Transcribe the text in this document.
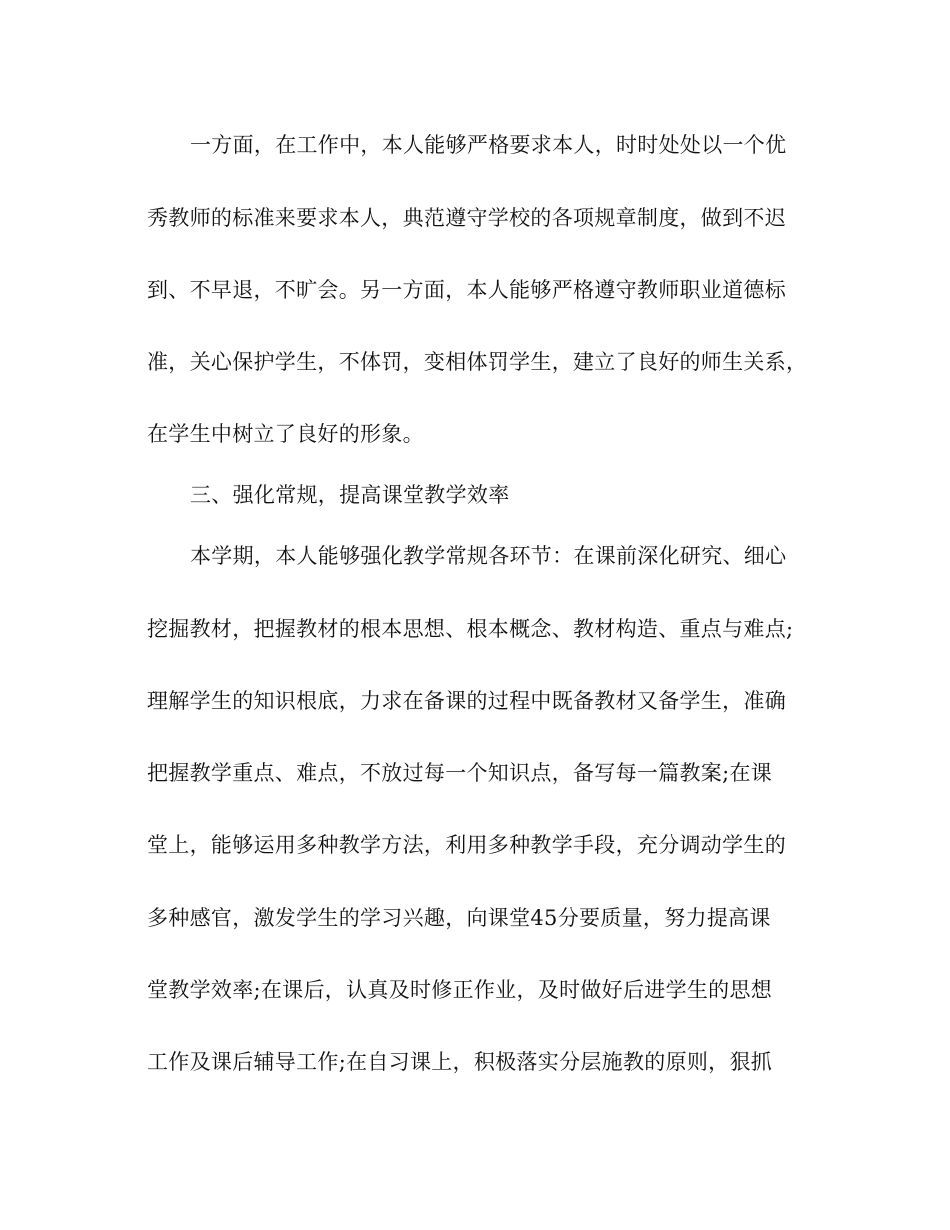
一方面，在工作中，本人能够严格要求本人，时时处处以一个优
秀教师的标准来要求本人，典范遵守学校的各项规章制度，做到不迟
到、不早退，不旷会。另一方面，本人能够严格遵守教师职业道德标
准，关心保护学生，不体罚，变相体罚学生，建立了良好的师生关系，
在学生中树立了良好的形象。
三、强化常规，提高课堂教学效率
本学期，本人能够强化教学常规各环节：在课前深化研究、细心
挖掘教材，把握教材的根本思想、根本概念、教材构造、重点与难点;
理解学生的知识根底，力求在备课的过程中既备教材又备学生，准确
把握教学重点、难点，不放过每一个知识点，备写每一篇教案;在课
堂上，能够运用多种教学方法，利用多种教学手段，充分调动学生的
多种感官，激发学生的学习兴趣，向课堂45分要质量，努力提高课
堂教学效率;在课后，认真及时修正作业，及时做好后进学生的思想
工作及课后辅导工作;在自习课上，积极落实分层施教的原则，狠抓
